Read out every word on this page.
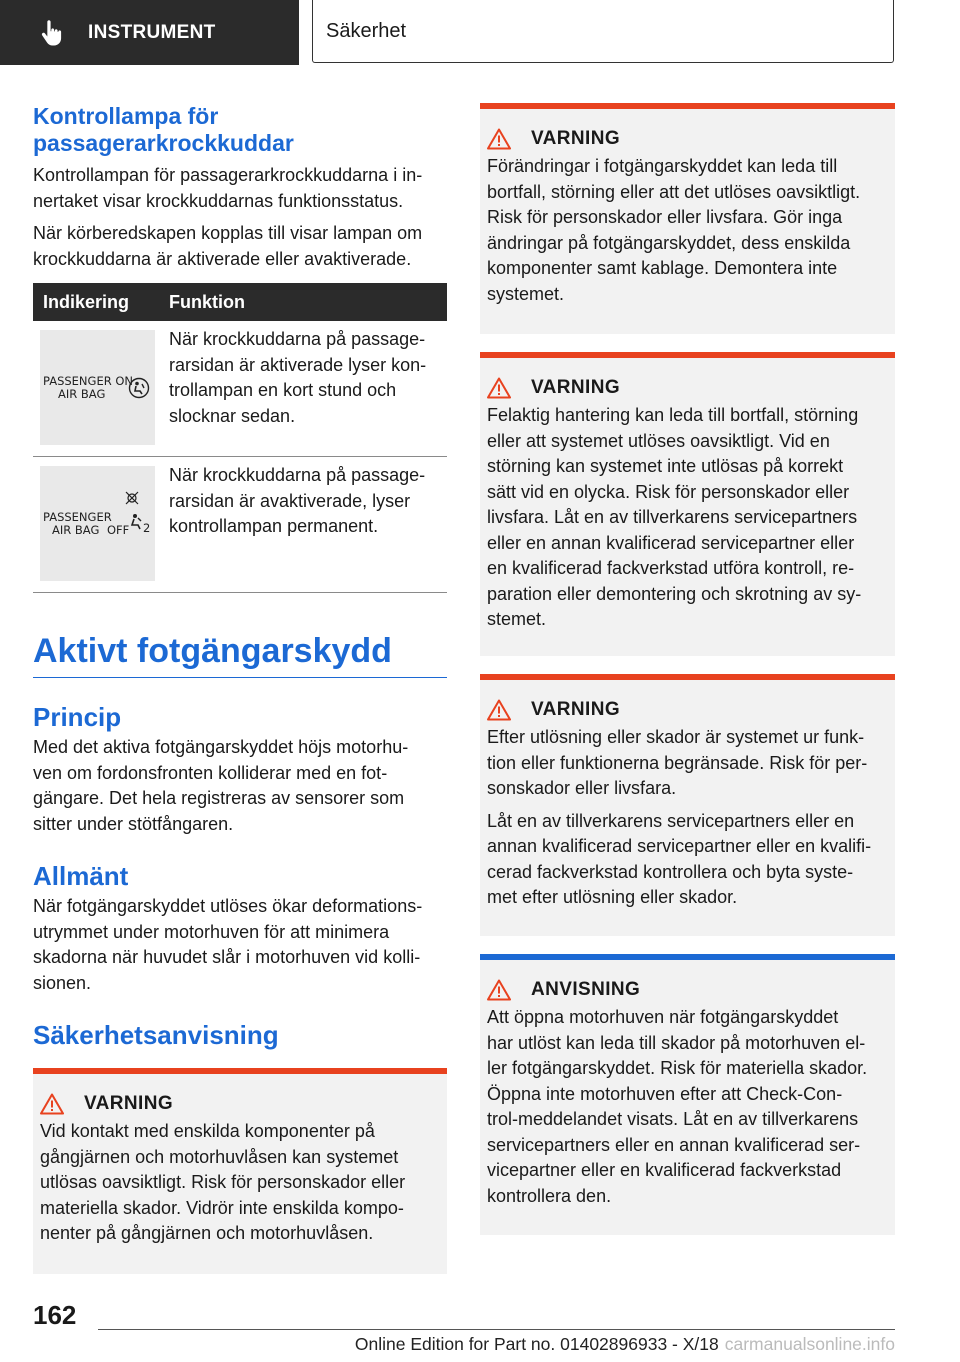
INSTRUMENT	Säkerhet
Kontrollampa för
passagerarkrockkuddar

Kontrollampan för passagerarkrockkuddarna i in-
nertaket visar krockkuddarnas funktionsstatus.

När körberedskapen kopplas till visar lampan om
krockkuddarna är aktiverade eller avaktiverade.

Indikering	Funktion
PASSENGER ON
AIR BAG
När krockkuddarna på passage-
rarsidan är aktiverade lyser kon-
trollampan en kort stund och
slocknar sedan.
PASSENGER
AIR BAG OFF 2
När krockkuddarna på passage-
rarsidan är avaktiverade, lyser
kontrollampan permanent.
Aktivt fotgängarskydd
Princip

Med det aktiva fotgängarskyddet höjs motorhu-
ven om fordonsfronten kolliderar med en fot-
gängare. Det hela registreras av sensorer som
sitter under stötfångaren.

Allmänt

När fotgängarskyddet utlöses ökar deformations-
utrymmet under motorhuven för att minimera
skadorna när huvudet slår i motorhuven vid kolli-
sionen.

Säkerhetsanvisning
VARNING

Vid kontakt med enskilda komponenter på
gångjärnen och motorhuvlåsen kan systemet
utlösas oavsiktligt. Risk för personskador eller
materiella skador. Vidrör inte enskilda kompo-
nenter på gångjärnen och motorhuvlåsen.

VARNING

Förändringar i fotgängarskyddet kan leda till
bortfall, störning eller att det utlöses oavsiktligt.
Risk för personskador eller livsfara. Gör inga
ändringar på fotgängarskyddet, dess enskilda
komponenter samt kablage. Demontera inte
systemet.

VARNING

Felaktig hantering kan leda till bortfall, störning
eller att systemet utlöses oavsiktligt. Vid en
störning kan systemet inte utlösas på korrekt
sätt vid en olycka. Risk för personskador eller
livsfara. Låt en av tillverkarens servicepartners
eller en annan kvalificerad servicepartner eller
en kvalificerad fackverkstad utföra kontroll, re-
paration eller demontering och skrotning av sy-
stemet.

VARNING

Efter utlösning eller skador är systemet ur funk-
tion eller funktionerna begränsade. Risk för per-
sonskador eller livsfara.

Låt en av tillverkarens servicepartners eller en
annan kvalificerad servicepartner eller en kvalifi-
cerad fackverkstad kontrollera och byta syste-
met efter utlösning eller skador.

ANVISNING

Att öppna motorhuven när fotgängarskyddet
har utlöst kan leda till skador på motorhuven el-
ler fotgängarskyddet. Risk för materiella skador.
Öppna inte motorhuven efter att Check-Con-
trol-meddelandet visats. Låt en av tillverkarens
servicepartners eller en annan kvalificerad ser-
vicepartner eller en kvalificerad fackverkstad
kontrollera den.

162
Online Edition for Part no. 01402896933 - X/18 carmanualsonline.info
